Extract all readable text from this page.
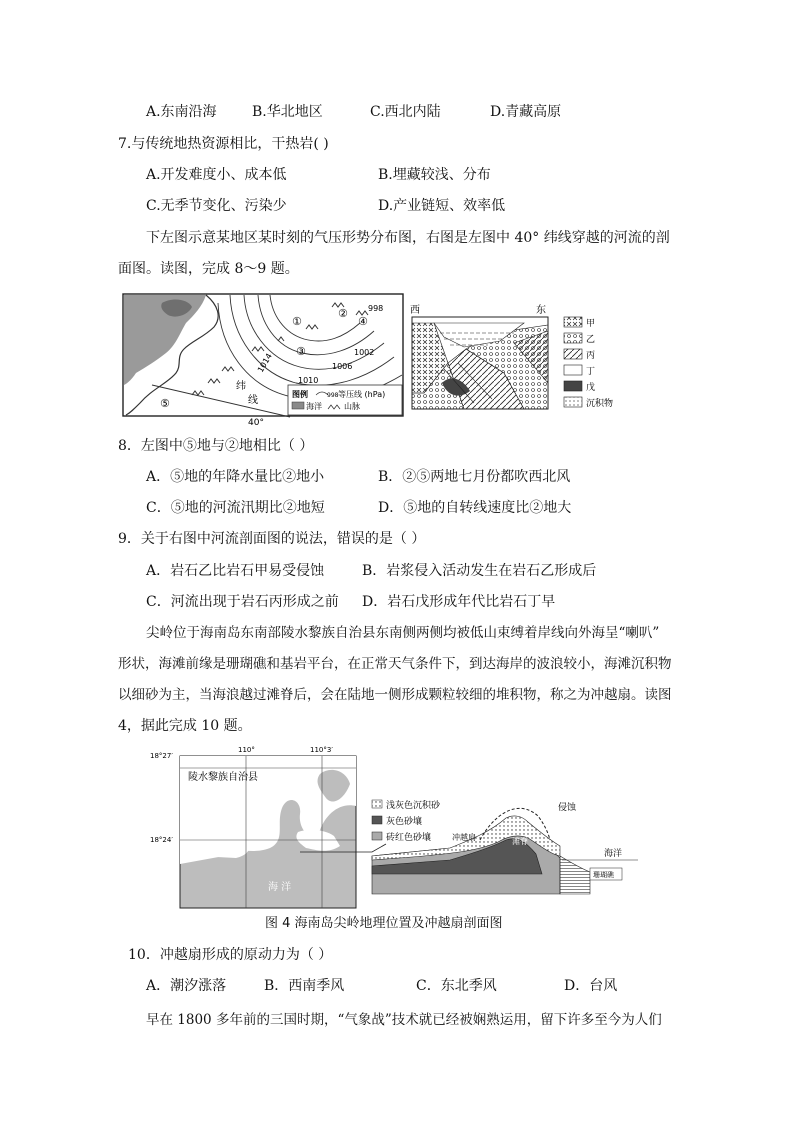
A.东南沿海	B.华北地区	C.西北内陆	D.青藏高原
7.与传统地热资源相比，干热岩( )
A.开发难度小、成本低	B.埋藏较浅、分布
C.无季节变化、污染少	D.产业链短、效率低
下左图示意某地区某时刻的气压形势分布图，右图是左图中 40° 纬线穿越的河流的剖
面图。读图，完成 8～9 题。
①
②
③
④
⑤
998
1002
1006
1010
1014
纬
线
40°
图例
海洋
998 等压线 (hPa)
山脉
西	东
甲
乙
丙
丁
戊
沉积物
8．左图中⑤地与②地相比（ ）
A．⑤地的年降水量比②地小	B．②⑤两地七月份都吹西北风
C．⑤地的河流汛期比②地短	D．⑤地的自转线速度比②地大
9．关于右图中河流剖面图的说法，错误的是（ ）
A．岩石乙比岩石甲易受侵蚀	B．岩浆侵入活动发生在岩石乙形成后
C．河流出现于岩石丙形成之前 D．岩石戊形成年代比岩石丁早
尖岭位于海南岛东南部陵水黎族自治县东南侧两侧均被低山束缚着岸线向外海呈“喇叭”
形状，海滩前缘是珊瑚礁和基岩平台，在正常天气条件下，到达海岸的波浪较小，海滩沉积物
以细砂为主，当海浪越过滩脊后，会在陆地一侧形成颗粒较细的堆积物，称之为冲越扇。读图
4，据此完成 10 题。
110°	110°3′
18°27′
18°24′
陵水黎族自治县
海 洋
浅灰色沉积砂
灰色砂壤
砖红色砂壤	冲越扇	滩脊
侵蚀
海洋
珊瑚礁
图 4 海南岛尖岭地理位置及冲越扇剖面图
10．冲越扇形成的原动力为（ ）
A．潮汐涨落	B．西南季风	C．东北季风	D．台风
早在 1800 多年前的三国时期，“气象战”技术就已经被娴熟运用，留下许多至今为人们
